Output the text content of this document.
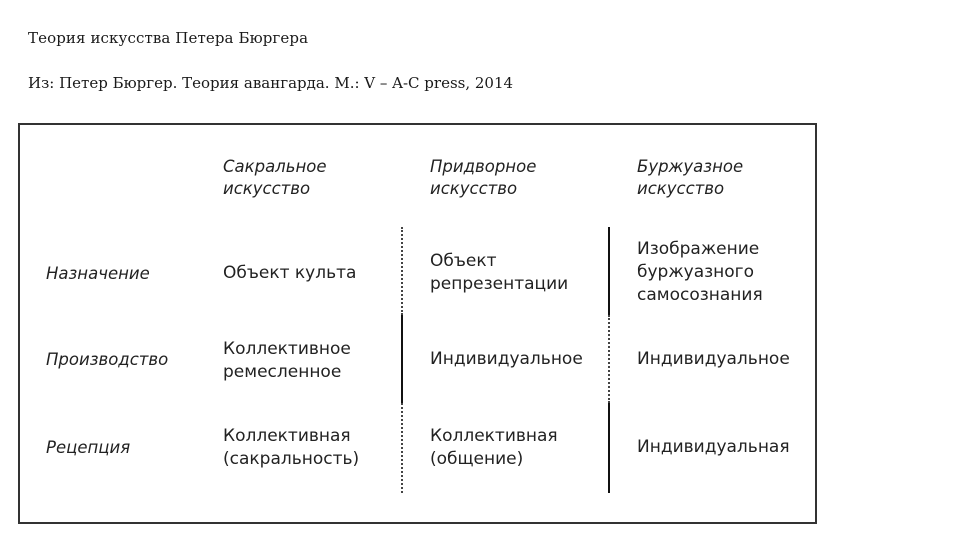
Теория искусства Петера Бюргера
Из: Петер Бюргер. Теория авангарда. М.: V – A-C press, 2014
Сакральное
искусство
Придворное
искусство
Буржуазное
искусство
Назначение
Производство
Рецепция
Объект культа
Объект
репрезентации
Изображение
буржуазного
самосознания
Коллективное
ремесленное
Индивидуальное	Индивидуальное
Коллективная
(сакральность)
Коллективная
(общение)
Индивидуальная
